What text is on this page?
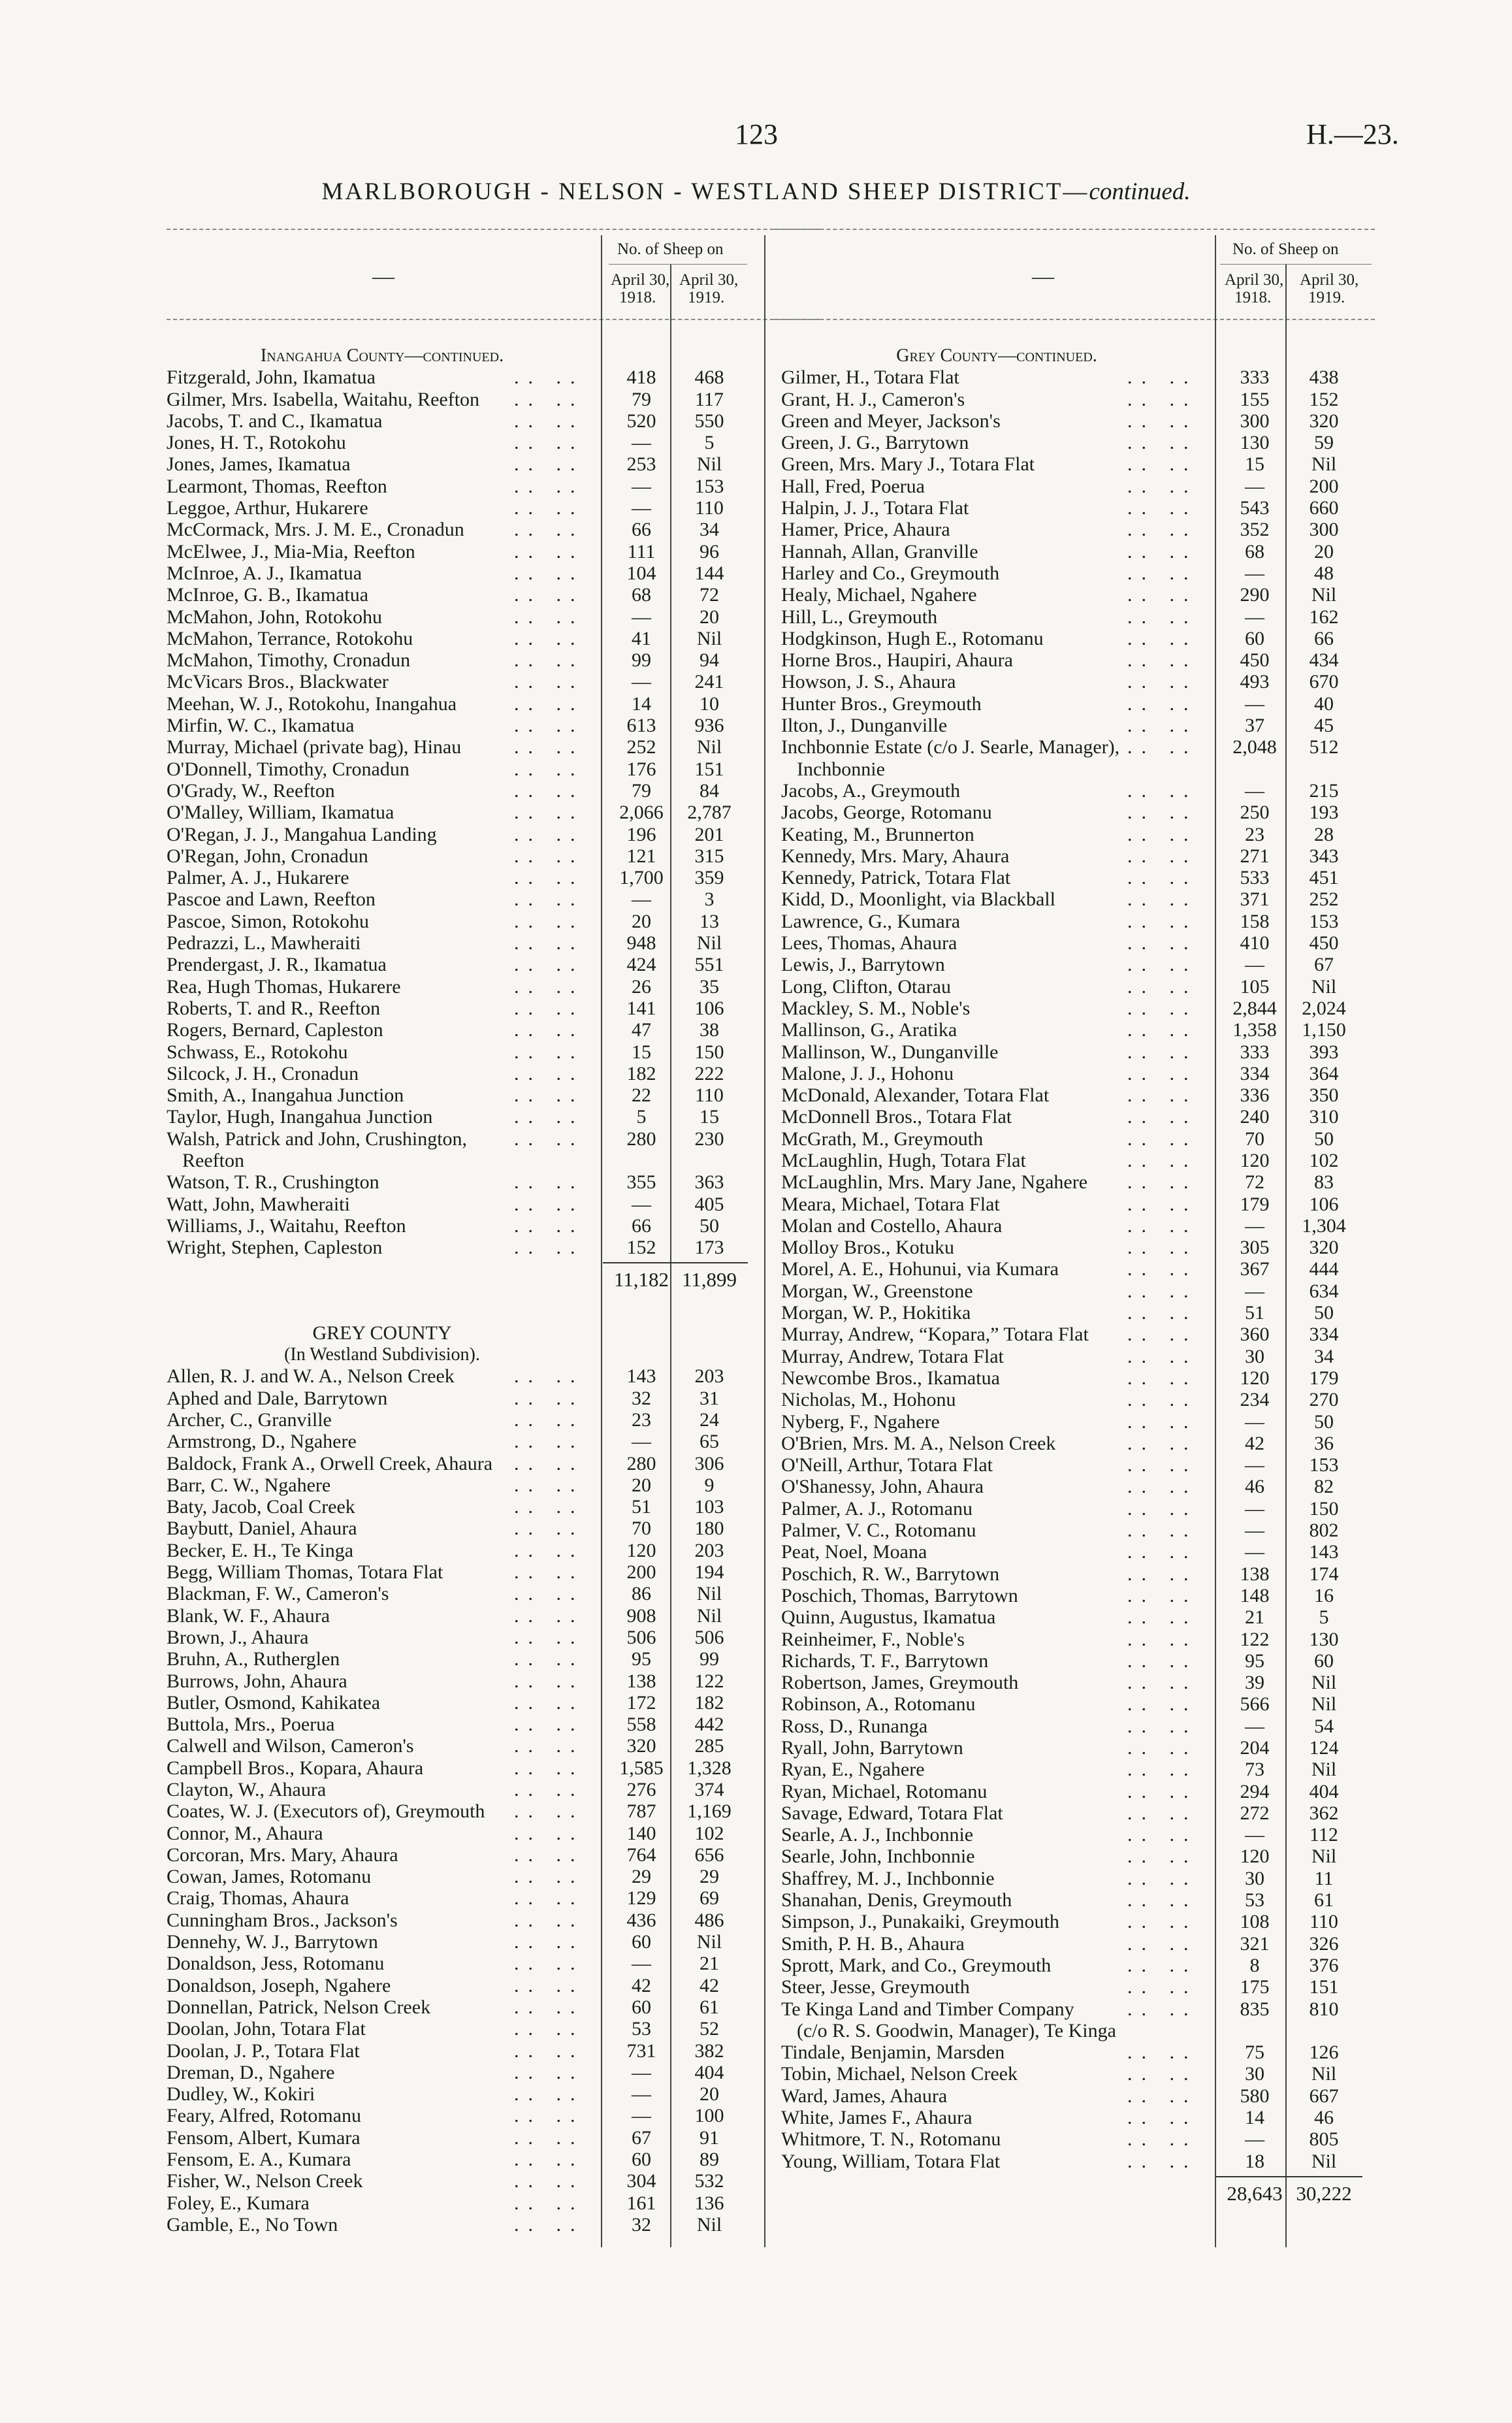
123	H.—23.
MARLBOROUGH - NELSON - WESTLAND SHEEP DISTRICT—continued.
—
No. of Sheep on
April 30,
1918.
April 30,
1919.
—
No. of Sheep on
April 30,
1918.
April 30,
1919.
Inangahua County—continued.
Fitzgerald, John, Ikamatua	.. ..	418	468
Gilmer, Mrs. Isabella, Waitahu, Reefton .. ..	79	117
Jacobs, T. and C., Ikamatua	.. ..	520	550
Jones, H. T., Rotokohu	.. ..	—	5
Jones, James, Ikamatua	.. ..	253	Nil
Learmont, Thomas, Reefton	.. ..	—	153
Leggoe, Arthur, Hukarere	.. ..	—	110
McCormack, Mrs. J. M. E., Cronadun	.. ..	66	34
McElwee, J., Mia-Mia, Reefton	.. ..	111	96
McInroe, A. J., Ikamatua	.. ..	104	144
McInroe, G. B., Ikamatua	.. ..	68	72
McMahon, John, Rotokohu	.. ..	—	20
McMahon, Terrance, Rotokohu	.. ..	41	Nil
McMahon, Timothy, Cronadun	.. ..	99	94
McVicars Bros., Blackwater	.. ..	—	241
Meehan, W. J., Rotokohu, Inangahua	.. ..	14	10
Mirfin, W. C., Ikamatua	.. ..	613	936
Murray, Michael (private bag), Hinau	.. ..	252	Nil
O'Donnell, Timothy, Cronadun	.. ..	176	151
O'Grady, W., Reefton	.. ..	79	84
O'Malley, William, Ikamatua	.. ..	2,066	2,787
O'Regan, J. J., Mangahua Landing	.. ..	196	201
O'Regan, John, Cronadun	.. ..	121	315
Palmer, A. J., Hukarere	.. ..	1,700	359
Pascoe and Lawn, Reefton	.. ..	—	3
Pascoe, Simon, Rotokohu	.. ..	20	13
Pedrazzi, L., Mawheraiti	.. ..	948	Nil
Prendergast, J. R., Ikamatua	.. ..	424	551
Rea, Hugh Thomas, Hukarere	.. ..	26	35
Roberts, T. and R., Reefton	.. ..	141	106
Rogers, Bernard, Capleston	.. ..	47	38
Schwass, E., Rotokohu	.. ..	15	150
Silcock, J. H., Cronadun	.. ..	182	222
Smith, A., Inangahua Junction	.. ..	22	110
Taylor, Hugh, Inangahua Junction	.. ..	5	15
Walsh, Patrick and John, Crushington, .. ..	280	230
Reefton
Watson, T. R., Crushington	.. ..	355	363
Watt, John, Mawheraiti	.. ..	—	405
Williams, J., Waitahu, Reefton	.. ..	66	50
Wright, Stephen, Capleston	.. ..	152	173
11,182 11,899
GREY COUNTY
(In Westland Subdivision).
Allen, R. J. and W. A., Nelson Creek	.. ..	143	203
Aphed and Dale, Barrytown	.. ..	32	31
Archer, C., Granville	.. ..	23	24
Armstrong, D., Ngahere	.. ..	—	65
Baldock, Frank A., Orwell Creek, Ahaura .. ..	280	306
Barr, C. W., Ngahere	.. ..	20	9
Baty, Jacob, Coal Creek	.. ..	51	103
Baybutt, Daniel, Ahaura	.. ..	70	180
Becker, E. H., Te Kinga	.. ..	120	203
Begg, William Thomas, Totara Flat	.. ..	200	194
Blackman, F. W., Cameron's	.. ..	86	Nil
Blank, W. F., Ahaura	.. ..	908	Nil
Brown, J., Ahaura	.. ..	506	506
Bruhn, A., Rutherglen	.. ..	95	99
Burrows, John, Ahaura	.. ..	138	122
Butler, Osmond, Kahikatea	.. ..	172	182
Buttola, Mrs., Poerua	.. ..	558	442
Calwell and Wilson, Cameron's	.. ..	320	285
Campbell Bros., Kopara, Ahaura	.. ..	1,585	1,328
Clayton, W., Ahaura	.. ..	276	374
Coates, W. J. (Executors of), Greymouth .. ..	787	1,169
Connor, M., Ahaura	.. ..	140	102
Corcoran, Mrs. Mary, Ahaura	.. ..	764	656
Cowan, James, Rotomanu	.. ..	29	29
Craig, Thomas, Ahaura	.. ..	129	69
Cunningham Bros., Jackson's	.. ..	436	486
Dennehy, W. J., Barrytown	.. ..	60	Nil
Donaldson, Jess, Rotomanu	.. ..	—	21
Donaldson, Joseph, Ngahere	.. ..	42	42
Donnellan, Patrick, Nelson Creek	.. ..	60	61
Doolan, John, Totara Flat	.. ..	53	52
Doolan, J. P., Totara Flat	.. ..	731	382
Dreman, D., Ngahere	.. ..	—	404
Dudley, W., Kokiri	.. ..	—	20
Feary, Alfred, Rotomanu	.. ..	—	100
Fensom, Albert, Kumara	.. ..	67	91
Fensom, E. A., Kumara	.. ..	60	89
Fisher, W., Nelson Creek	.. ..	304	532
Foley, E., Kumara	.. ..	161	136
Gamble, E., No Town	.. ..	32	Nil
Grey County—continued.
Gilmer, H., Totara Flat	.. ..	333	438
Grant, H. J., Cameron's	.. ..	155	152
Green and Meyer, Jackson's	.. ..	300	320
Green, J. G., Barrytown	.. ..	130	59
Green, Mrs. Mary J., Totara Flat	.. ..	15	Nil
Hall, Fred, Poerua	.. ..	—	200
Halpin, J. J., Totara Flat	.. ..	543	660
Hamer, Price, Ahaura	.. ..	352	300
Hannah, Allan, Granville	.. ..	68	20
Harley and Co., Greymouth	.. ..	—	48
Healy, Michael, Ngahere	.. ..	290	Nil
Hill, L., Greymouth	.. ..	—	162
Hodgkinson, Hugh E., Rotomanu	.. ..	60	66
Horne Bros., Haupiri, Ahaura	.. ..	450	434
Howson, J. S., Ahaura	.. ..	493	670
Hunter Bros., Greymouth	.. ..	—	40
Ilton, J., Dunganville	.. ..	37	45
Inchbonnie Estate (c/o J. Searle, Manager), .. ..	2,048	512
Inchbonnie
Jacobs, A., Greymouth	.. ..	—	215
Jacobs, George, Rotomanu	.. ..	250	193
Keating, M., Brunnerton	.. ..	23	28
Kennedy, Mrs. Mary, Ahaura	.. ..	271	343
Kennedy, Patrick, Totara Flat	.. ..	533	451
Kidd, D., Moonlight, via Blackball	.. ..	371	252
Lawrence, G., Kumara	.. ..	158	153
Lees, Thomas, Ahaura	.. ..	410	450
Lewis, J., Barrytown	.. ..	—	67
Long, Clifton, Otarau	.. ..	105	Nil
Mackley, S. M., Noble's	.. ..	2,844	2,024
Mallinson, G., Aratika	.. ..	1,358	1,150
Mallinson, W., Dunganville	.. ..	333	393
Malone, J. J., Hohonu	.. ..	334	364
McDonald, Alexander, Totara Flat	.. ..	336	350
McDonnell Bros., Totara Flat	.. ..	240	310
McGrath, M., Greymouth	.. ..	70	50
McLaughlin, Hugh, Totara Flat	.. ..	120	102
McLaughlin, Mrs. Mary Jane, Ngahere .. ..	72	83
Meara, Michael, Totara Flat	.. ..	179	106
Molan and Costello, Ahaura	.. ..	—	1,304
Molloy Bros., Kotuku	.. ..	305	320
Morel, A. E., Hohunui, via Kumara	.. ..	367	444
Morgan, W., Greenstone	.. ..	—	634
Morgan, W. P., Hokitika	.. ..	51	50
Murray, Andrew, “Kopara,” Totara Flat .. ..	360	334
Murray, Andrew, Totara Flat	.. ..	30	34
Newcombe Bros., Ikamatua	.. ..	120	179
Nicholas, M., Hohonu	.. ..	234	270
Nyberg, F., Ngahere	.. ..	—	50
O'Brien, Mrs. M. A., Nelson Creek	.. ..	42	36
O'Neill, Arthur, Totara Flat	.. ..	—	153
O'Shanessy, John, Ahaura	.. ..	46	82
Palmer, A. J., Rotomanu	.. ..	—	150
Palmer, V. C., Rotomanu	.. ..	—	802
Peat, Noel, Moana	.. ..	—	143
Poschich, R. W., Barrytown	.. ..	138	174
Poschich, Thomas, Barrytown	.. ..	148	16
Quinn, Augustus, Ikamatua	.. ..	21	5
Reinheimer, F., Noble's	.. ..	122	130
Richards, T. F., Barrytown	.. ..	95	60
Robertson, James, Greymouth	.. ..	39	Nil
Robinson, A., Rotomanu	.. ..	566	Nil
Ross, D., Runanga	.. ..	—	54
Ryall, John, Barrytown	.. ..	204	124
Ryan, E., Ngahere	.. ..	73	Nil
Ryan, Michael, Rotomanu	.. ..	294	404
Savage, Edward, Totara Flat	.. ..	272	362
Searle, A. J., Inchbonnie	.. ..	—	112
Searle, John, Inchbonnie	.. ..	120	Nil
Shaffrey, M. J., Inchbonnie	.. ..	30	11
Shanahan, Denis, Greymouth	.. ..	53	61
Simpson, J., Punakaiki, Greymouth	.. ..	108	110
Smith, P. H. B., Ahaura	.. ..	321	326
Sprott, Mark, and Co., Greymouth	.. ..	8	376
Steer, Jesse, Greymouth	.. ..	175	151
Te Kinga Land and Timber Company	.. ..	835	810
(c/o R. S. Goodwin, Manager), Te Kinga
Tindale, Benjamin, Marsden	.. ..	75	126
Tobin, Michael, Nelson Creek	.. ..	30	Nil
Ward, James, Ahaura	.. ..	580	667
White, James F., Ahaura	.. ..	14	46
Whitmore, T. N., Rotomanu	.. ..	—	805
Young, William, Totara Flat	.. ..	18	Nil
28,643 30,222
